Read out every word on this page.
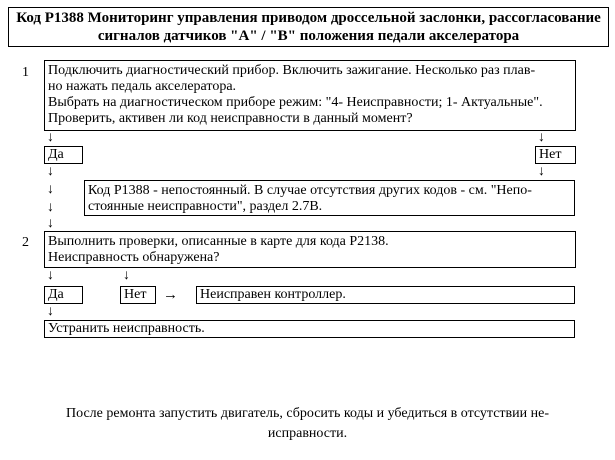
Код Р1388 Мониторинг управления приводом дроссельной заслонки, рассогласование
сигналов датчиков "А" / "В" положения педали акселератора
1 Подключить диагностический прибор. Включить зажигание. Несколько раз плав-
но нажать педаль акселератора.
Выбрать на диагностическом приборе режим: "4- Неисправности; 1- Актуальные".
Проверить, активен ли код неисправности в данный момент?
↓	↓
Да	Нет
↓	↓
↓
↓
↓
Код Р1388 - непостоянный. В случае отсутствия других кодов - см. "Непо-
стоянные неисправности", раздел 2.7В.
2 Выполнить проверки, описанные в карте для кода Р2138.
Неисправность обнаружена?
↓	↓
Да	Нет	→ Неисправен контроллер.
↓
Устранить неисправность.
После ремонта запустить двигатель, сбросить коды и убедиться в отсутствии не-
исправности.
